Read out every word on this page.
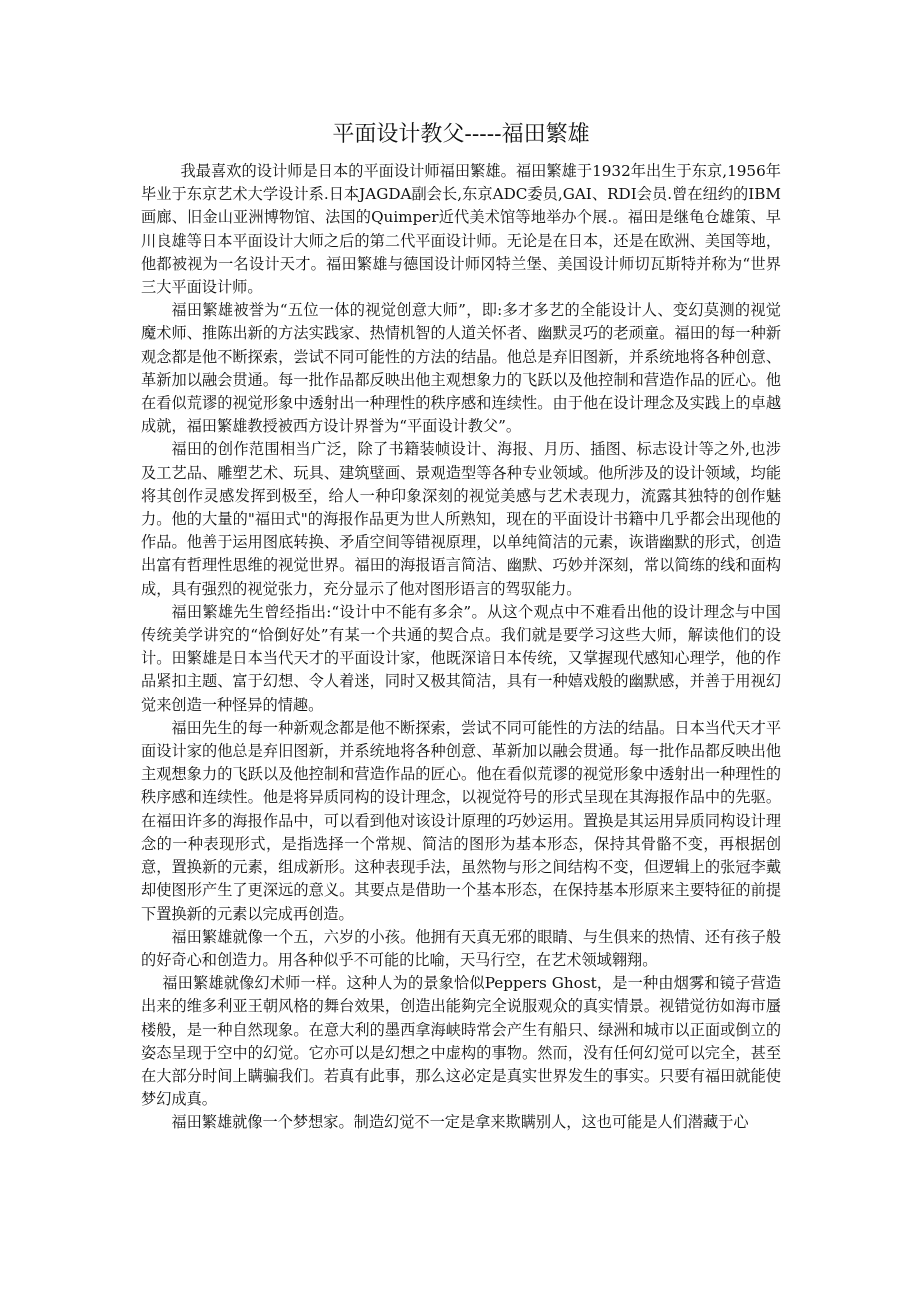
平面设计教父-----福田繁雄

我最喜欢的设计师是日本的平面设计师福田繁雄。福田繁雄于1932年出生于东京,1956年毕业于东京艺术大学设计系.日本JAGDA副会长,东京ADC委员,GAI、RDI会员.曾在纽约的IBM画廊、旧金山亚洲博物馆、法国的Quimper近代美术馆等地举办个展.。福田是继龟仓雄策、早川良雄等日本平面设计大师之后的第二代平面设计师。无论是在日本，还是在欧洲、美国等地，他都被视为一名设计天才。福田繁雄与德国设计师冈特兰堡、美国设计师切瓦斯特并称为“世界三大平面设计师。

福田繁雄被誉为“五位一体的视觉创意大师”，即:多才多艺的全能设计人、变幻莫测的视觉魔术师、推陈出新的方法实践家、热情机智的人道关怀者、幽默灵巧的老顽童。福田的每一种新观念都是他不断探索，尝试不同可能性的方法的结晶。他总是弃旧图新，并系统地将各种创意、革新加以融会贯通。每一批作品都反映出他主观想象力的飞跃以及他控制和营造作品的匠心。他在看似荒谬的视觉形象中透射出一种理性的秩序感和连续性。由于他在设计理念及实践上的卓越成就，福田繁雄教授被西方设计界誉为“平面设计教父”。

福田的创作范围相当广泛，除了书籍装帧设计、海报、月历、插图、标志设计等之外,也涉及工艺品、雕塑艺术、玩具、建筑壁画、景观造型等各种专业领域。他所涉及的设计领域，均能将其创作灵感发挥到极至，给人一种印象深刻的视觉美感与艺术表现力，流露其独特的创作魅力。他的大量的"福田式"的海报作品更为世人所熟知，现在的平面设计书籍中几乎都会出现他的作品。他善于运用图底转换、矛盾空间等错视原理，以单纯简洁的元素，诙谐幽默的形式，创造出富有哲理性思维的视觉世界。福田的海报语言简洁、幽默、巧妙并深刻，常以简练的线和面构成，具有强烈的视觉张力，充分显示了他对图形语言的驾驭能力。

福田繁雄先生曾经指出:“设计中不能有多余”。从这个观点中不难看出他的设计理念与中国传统美学讲究的“恰倒好处”有某一个共通的契合点。我们就是要学习这些大师，解读他们的设计。田繁雄是日本当代天才的平面设计家，他既深谙日本传统，又掌握现代感知心理学，他的作品紧扣主题、富于幻想、令人着迷，同时又极其简洁，具有一种嬉戏般的幽默感，并善于用视幻觉来创造一种怪异的情趣。

福田先生的每一种新观念都是他不断探索，尝试不同可能性的方法的结晶。日本当代天才平面设计家的他总是弃旧图新，并系统地将各种创意、革新加以融会贯通。每一批作品都反映出他主观想象力的飞跃以及他控制和营造作品的匠心。他在看似荒谬的视觉形象中透射出一种理性的秩序感和连续性。他是将异质同构的设计理念，以视觉符号的形式呈现在其海报作品中的先驱。在福田许多的海报作品中，可以看到他对该设计原理的巧妙运用。置换是其运用异质同构设计理念的一种表现形式，是指选择一个常规、简洁的图形为基本形态，保持其骨骼不变，再根据创意，置换新的元素，组成新形。这种表现手法，虽然物与形之间结构不变，但逻辑上的张冠李戴却使图形产生了更深远的意义。其要点是借助一个基本形态，在保持基本形原来主要特征的前提下置换新的元素以完成再创造。

福田繁雄就像一个五，六岁的小孩。他拥有天真无邪的眼睛、与生俱来的热情、还有孩子般的好奇心和创造力。用各种似乎不可能的比喻，天马行空，在艺术领域翱翔。

福田繁雄就像幻术师一样。这种人为的景象恰似Peppers Ghost，是一种由烟雾和镜子营造出来的维多利亚王朝风格的舞台效果，创造出能夠完全说服观众的真实情景。视错觉彷如海市蜃楼般，是一种自然现象。在意大利的墨西拿海峡時常会产生有船只、绿洲和城市以正面或倒立的姿态呈现于空中的幻觉。它亦可以是幻想之中虚构的事物。然而，没有任何幻觉可以完全，甚至在大部分时间上瞒骗我们。若真有此事，那么这必定是真实世界发生的事实。只要有福田就能使梦幻成真。

福田繁雄就像一个梦想家。制造幻觉不一定是拿来欺瞒别人，这也可能是人们潜藏于心
